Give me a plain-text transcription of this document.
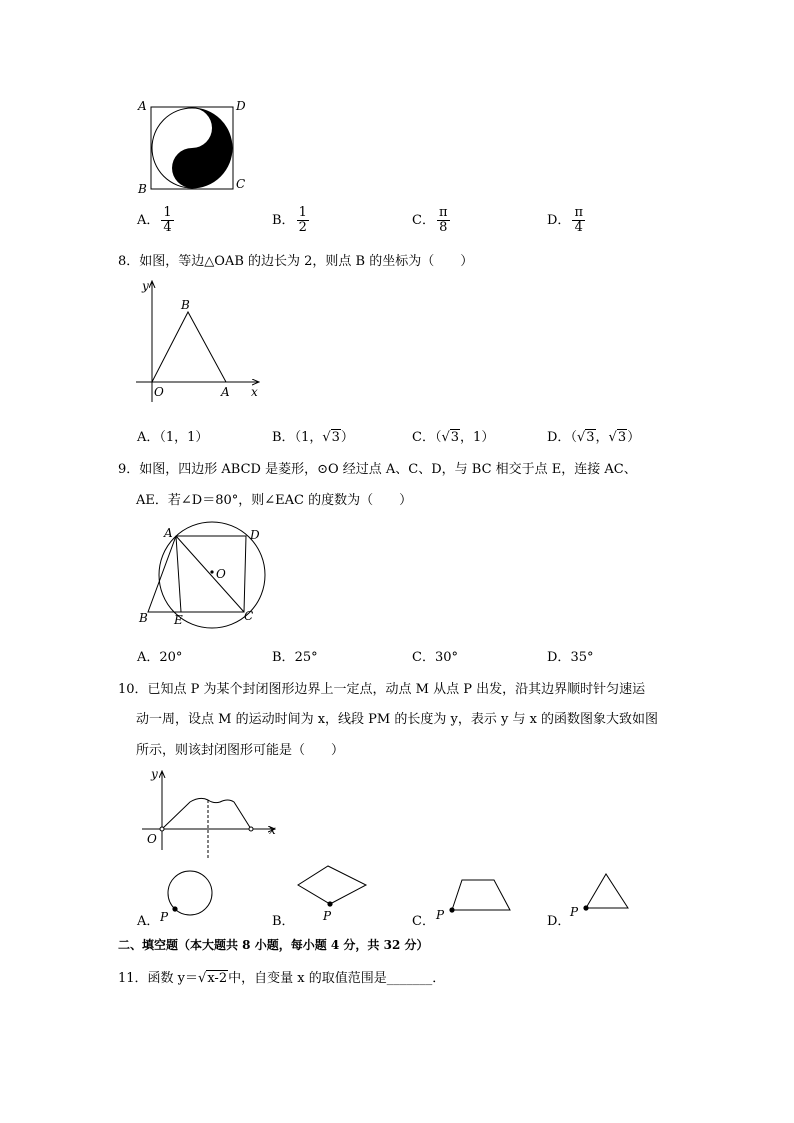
A	D
B	C
A． $\frac{1}{4}$	B． $\frac{1}{2}$	C． $\frac{\pi}{8}$	D． $\frac{\pi}{4}$
8．如图，等边△OAB 的边长为 2，则点 B 的坐标为（　　）
y
x
O	A
B
A．（1，1）	B．（1，√3）	C．（√3，1）	D．（√3，√3）
9．如图，四边形 ABCD 是菱形，⊙O 经过点 A、C、D，与 BC 相交于点 E，连接 AC、
AE．若∠D＝80°，则∠EAC 的度数为（　　）
A	D
O
B E	C
A．20°	B．25°	C．30°	D．35°
10．已知点 P 为某个封闭图形边界上一定点，动点 M 从点 P 出发，沿其边界顺时针匀速运
动一周，设点 M 的运动时间为 x，线段 PM 的长度为 y，表示 y 与 x 的函数图象大致如图
所示，则该封闭图形可能是（　　）
y
x
O
A． P	B． P	C． P	D．
P
二、填空题（本大题共 8 小题，每小题 4 分，共 32 分）
11．函数 y＝√x-2中，自变量 x 的取值范围是_______．
